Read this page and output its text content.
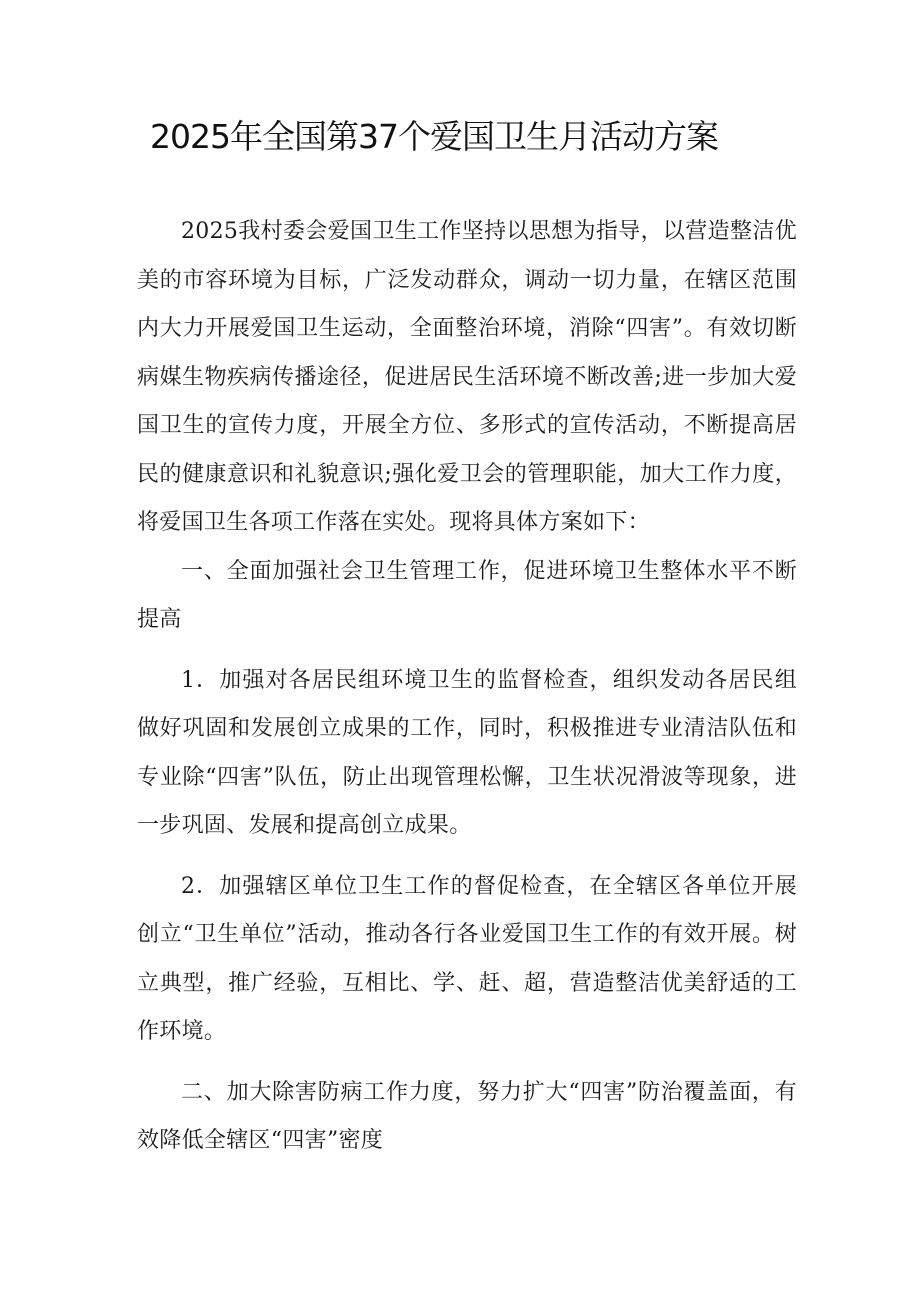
2025年全国第37个爱国卫生月活动方案

2025我村委会爱国卫生工作坚持以思想为指导，以营造整洁优美的市容环境为目标，广泛发动群众，调动一切力量，在辖区范围内大力开展爱国卫生运动，全面整治环境，消除“四害”。有效切断病媒生物疾病传播途径，促进居民生活环境不断改善;进一步加大爱国卫生的宣传力度，开展全方位、多形式的宣传活动，不断提高居民的健康意识和礼貌意识;强化爱卫会的管理职能，加大工作力度，将爱国卫生各项工作落在实处。现将具体方案如下：

一、全面加强社会卫生管理工作，促进环境卫生整体水平不断提高

1．加强对各居民组环境卫生的监督检查，组织发动各居民组做好巩固和发展创立成果的工作，同时，积极推进专业清洁队伍和专业除“四害”队伍，防止出现管理松懈，卫生状况滑波等现象，进一步巩固、发展和提高创立成果。

2．加强辖区单位卫生工作的督促检查，在全辖区各单位开展创立“卫生单位”活动，推动各行各业爱国卫生工作的有效开展。树立典型，推广经验，互相比、学、赶、超，营造整洁优美舒适的工作环境。

二、加大除害防病工作力度，努力扩大“四害”防治覆盖面，有效降低全辖区“四害”密度
